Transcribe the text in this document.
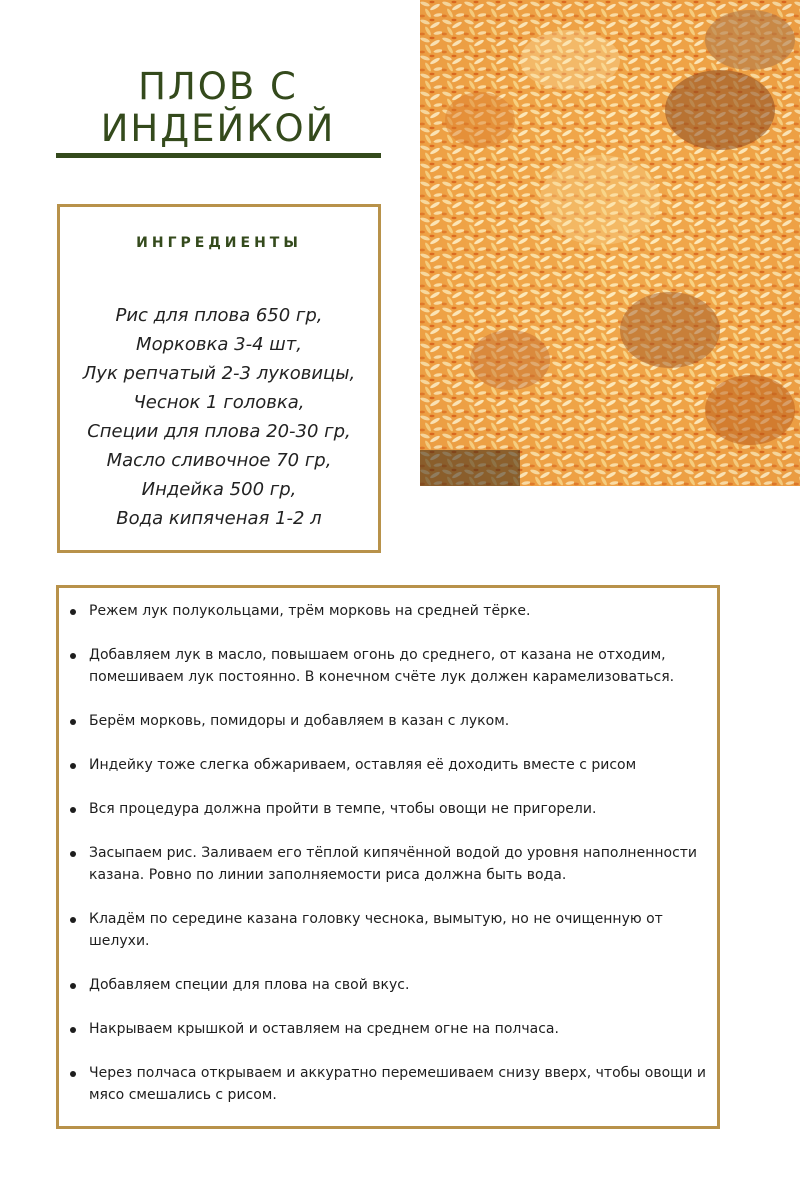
ПЛОВ С
ИНДЕЙКОЙ
ИНГРЕДИЕНТЫ
Рис для плова 650 гр,
Морковка 3-4 шт,
Лук репчатый 2-3 луковицы,
Чеснок 1 головка,
Специи для плова 20-30 гр,
Масло сливочное 70 гр,
Индейка 500 гр,
Вода кипяченая 1-2 л
Режем лук полукольцами, трём морковь на средней тёрке.
Добавляем лук в масло, повышаем огонь до среднего, от казана не отходим, помешиваем лук постоянно. В конечном счёте лук должен карамелизоваться.
Берём морковь, помидоры и добавляем в казан с луком.
Индейку тоже слегка обжариваем, оставляя её доходить вместе с рисом
Вся процедура должна пройти в темпе, чтобы овощи не пригорели.
Засыпаем рис. Заливаем его тёплой кипячённой водой до уровня наполненности казана. Ровно по линии заполняемости риса должна быть вода.
Кладём по середине казана головку чеснока, вымытую, но не очищенную от шелухи.
Добавляем специи для плова на свой вкус.
Накрываем крышкой и оставляем на среднем огне на полчаса.
Через полчаса открываем и аккуратно перемешиваем снизу вверх, чтобы овощи и мясо смешались с рисом.
